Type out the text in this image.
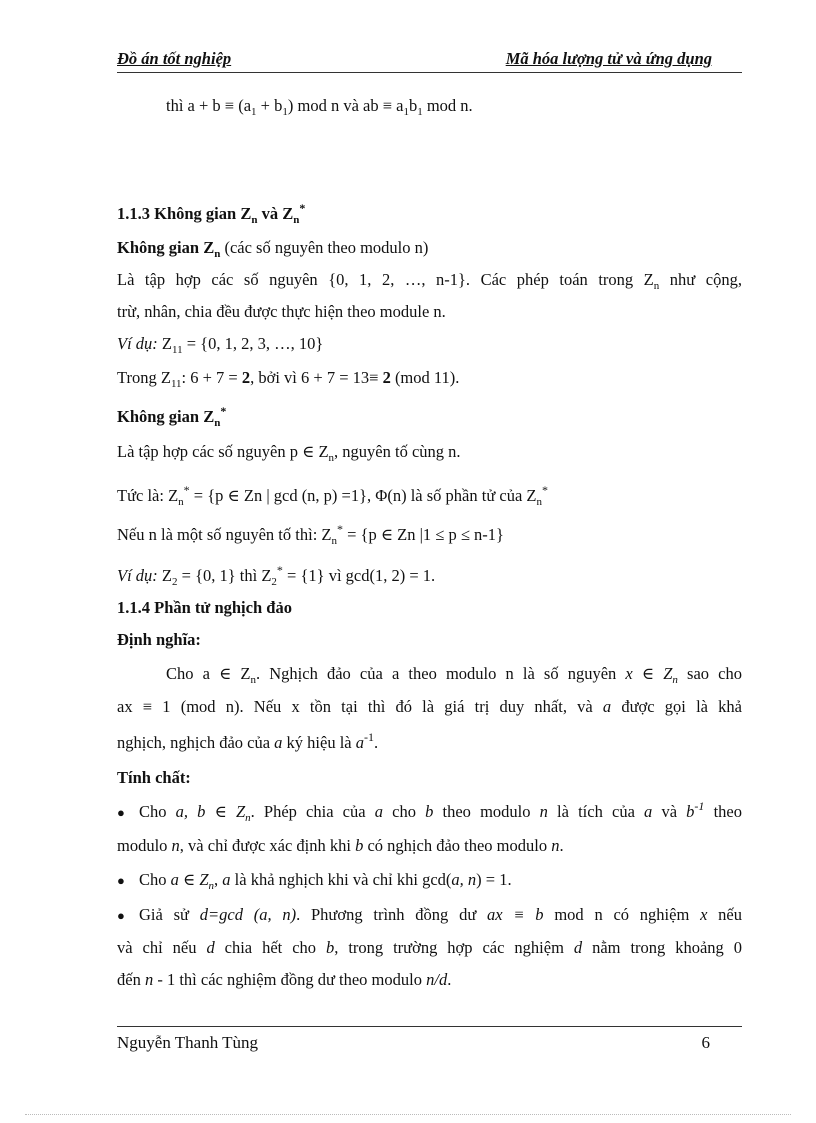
Đồ án tốt nghiệp	Mã hóa lượng tử và ứng dụng
thì $a + b \equiv (a_1 + b_1)$ mod n và ab ≡ $a_1b_1$ mod n.
1.1.3 Không gian $Z_n$ và $Z_n^*$
Không gian $Z_n$ (các số nguyên theo modulo n)
Là tập hợp các số nguyên {0, 1, 2, …, n-1}. Các phép toán trong $Z_n$ như cộng,
trừ, nhân, chia đều được thực hiện theo module n.
Ví dụ: $Z_{11} = \{0$, 1, 2, 3, …, 10}
Trong $Z_{11}$: 6 + 7 = 2, bởi vì 6 + 7 = 13≡ 2 (mod 11).
Không gian $Z_n^*$
Là tập hợp các số nguyên p ∈ $Z_n$, nguyên tố cùng n.
Tức là: $Z_n^* = \{p$ ∈ Zn | gcd (n, p) =1}, Φ(n) là số phần tử của $Z_n^*$
Nếu n là một số nguyên tố thì: $Z_n^* = \{p$ ∈ Zn |1 ≤ p ≤ n-1}
Ví dụ: $Z_2 = \{0$, 1} thì $Z_2^* = \{1\}$ vì gcd(1, 2) = 1.
1.1.4 Phần tử nghịch đảo
Định nghĩa:
Cho a ∈ $Z_n$. Nghịch đảo của a theo modulo n là số nguyên x ∈ $Z_n$ sao cho
ax ≡ 1 (mod n). Nếu x tồn tại thì đó là giá trị duy nhất, và a được gọi là khả
nghịch, nghịch đảo của a ký hiệu là $a^{-1}$.
Tính chất:
● Cho a, b ∈ $Z_n$. Phép chia của a cho b theo modulo n là tích của a và $b^{-1}$ theo
modulo n, và chỉ được xác định khi b có nghịch đảo theo modulo n.
● Cho a ∈ $Z_n$, a là khả nghịch khi và chỉ khi gcd(a, n) = 1.
● Giả sử d=gcd (a, n). Phương trình đồng dư ax ≡ b mod n có nghiệm x nếu
và chỉ nếu d chia hết cho b, trong trường hợp các nghiệm d nằm trong khoảng 0
đến n - 1 thì các nghiệm đồng dư theo modulo n/d.
Nguyễn Thanh Tùng	6
